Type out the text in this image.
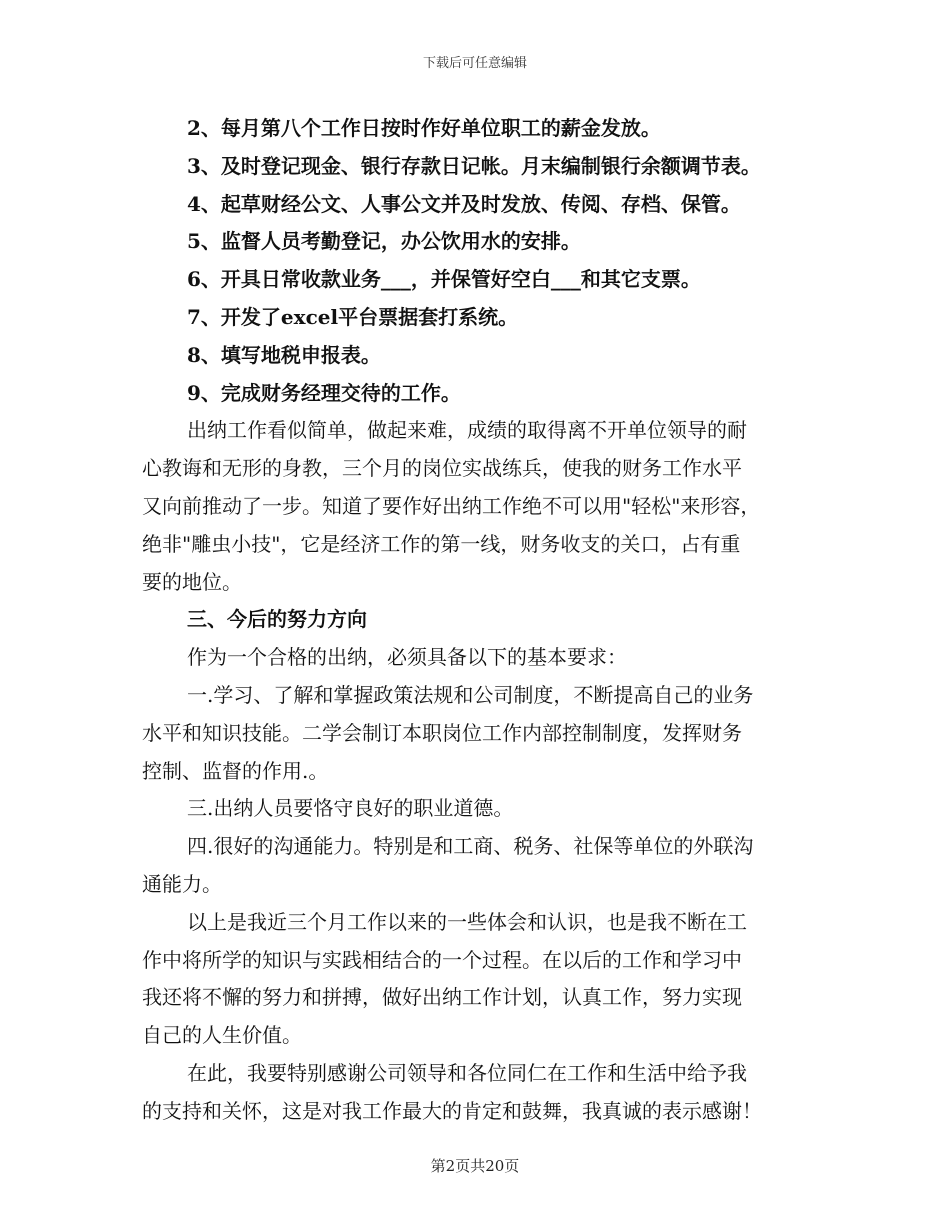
下载后可任意编辑
2、每月第八个工作日按时作好单位职工的薪金发放。
3、及时登记现金、银行存款日记帐。月末编制银行余额调节表。
4、起草财经公文、人事公文并及时发放、传阅、存档、保管。
5、监督人员考勤登记，办公饮用水的安排。
6、开具日常收款业务___，并保管好空白___和其它支票。
7、开发了excel平台票据套打系统。
8、填写地税申报表。
9、完成财务经理交待的工作。
出纳工作看似简单，做起来难，成绩的取得离不开单位领导的耐
心教诲和无形的身教，三个月的岗位实战练兵，使我的财务工作水平
又向前推动了一步。知道了要作好出纳工作绝不可以用"轻松"来形容，
绝非"雕虫小技"，它是经济工作的第一线，财务收支的关口，占有重
要的地位。
三、今后的努力方向
作为一个合格的出纳，必须具备以下的基本要求：
一.学习、了解和掌握政策法规和公司制度，不断提高自己的业务
水平和知识技能。二学会制订本职岗位工作内部控制制度，发挥财务
控制、监督的作用.。
三.出纳人员要恪守良好的职业道德。
四.很好的沟通能力。特别是和工商、税务、社保等单位的外联沟
通能力。
以上是我近三个月工作以来的一些体会和认识，也是我不断在工
作中将所学的知识与实践相结合的一个过程。在以后的工作和学习中
我还将不懈的努力和拼搏，做好出纳工作计划，认真工作，努力实现
自己的人生价值。
在此，我要特别感谢公司领导和各位同仁在工作和生活中给予我
的支持和关怀，这是对我工作最大的肯定和鼓舞，我真诚的表示感谢！
第2页共20页
